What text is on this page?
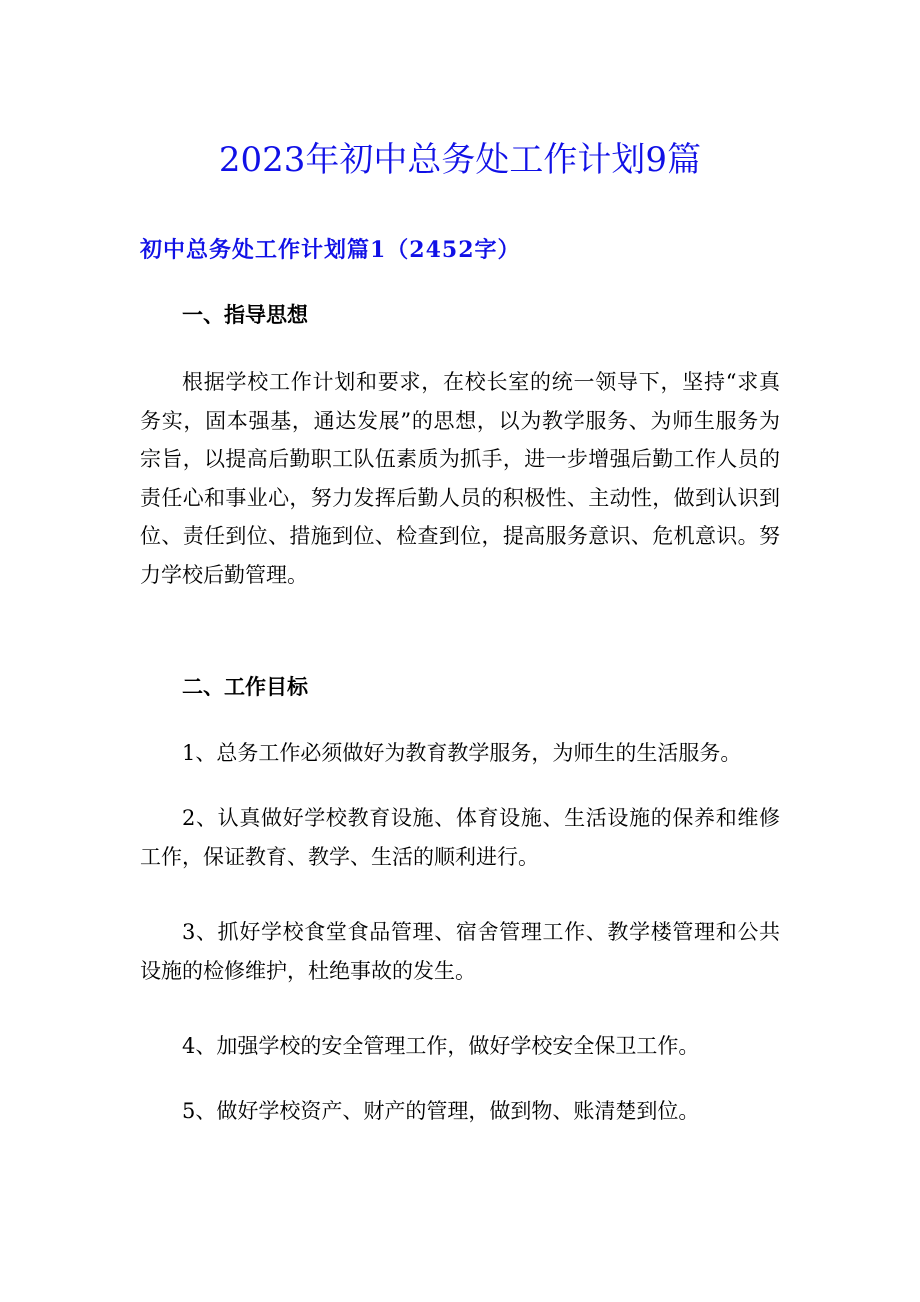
2023年初中总务处工作计划9篇
初中总务处工作计划篇1（2452字）
一、指导思想

根据学校工作计划和要求，在校长室的统一领导下，坚持“求真务实，固本强基，通达发展”的思想，以为教学服务、为师生服务为宗旨，以提高后勤职工队伍素质为抓手，进一步增强后勤工作人员的责任心和事业心，努力发挥后勤人员的积极性、主动性，做到认识到位、责任到位、措施到位、检查到位，提高服务意识、危机意识。努力学校后勤管理。

二、工作目标

1、总务工作必须做好为教育教学服务，为师生的生活服务。

2、认真做好学校教育设施、体育设施、生活设施的保养和维修工作，保证教育、教学、生活的顺利进行。

3、抓好学校食堂食品管理、宿舍管理工作、教学楼管理和公共设施的检修维护，杜绝事故的发生。

4、加强学校的安全管理工作，做好学校安全保卫工作。

5、做好学校资产、财产的管理，做到物、账清楚到位。
